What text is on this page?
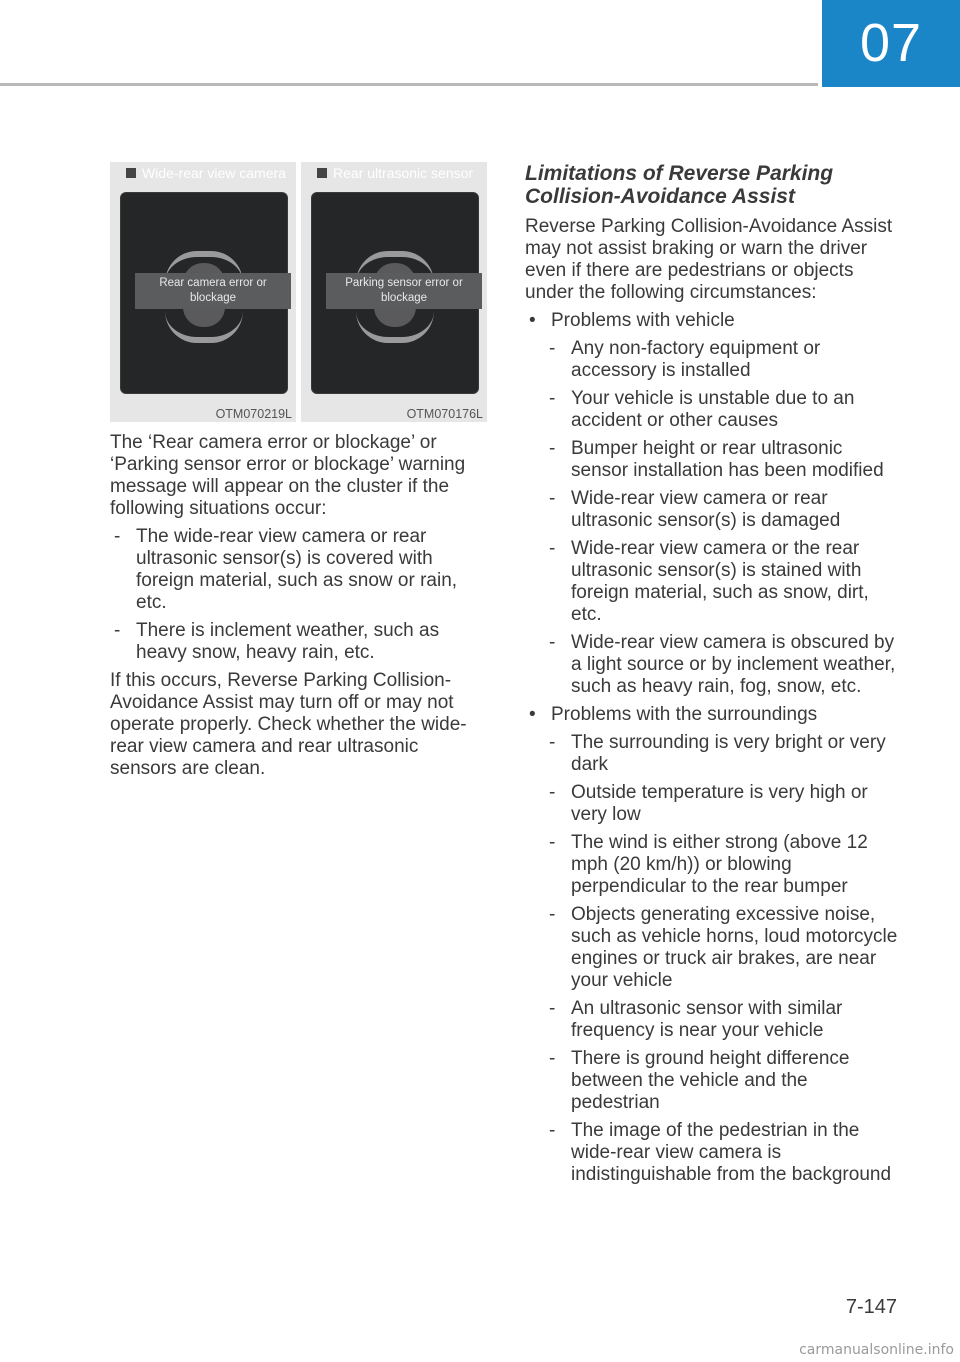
07
Rear camera error or blockage
Wide-rear view camera
OTM070219L
Parking sensor error or blockage
Rear ultrasonic sensor
OTM070176L

The ‘Rear camera error or blockage’ or ‘Parking sensor error or blockage’ warning message will appear on the cluster if the following situations occur:

- The wide-rear view camera or rear ultrasonic sensor(s) is covered with foreign material, such as snow or rain, etc.
- There is inclement weather, such as heavy snow, heavy rain, etc.

If this occurs, Reverse Parking Collision-Avoidance Assist may turn off or may not operate properly. Check whether the wide-rear view camera and rear ultrasonic sensors are clean.

Limitations of Reverse Parking Collision-Avoidance Assist

Reverse Parking Collision-Avoidance Assist may not assist braking or warn the driver even if there are pedestrians or objects under the following circumstances:

• Problems with vehicle
- Any non-factory equipment or accessory is installed
- Your vehicle is unstable due to an accident or other causes
- Bumper height or rear ultrasonic sensor installation has been modified
- Wide-rear view camera or rear ultrasonic sensor(s) is damaged
- Wide-rear view camera or the rear ultrasonic sensor(s) is stained with foreign material, such as snow, dirt, etc.
- Wide-rear view camera is obscured by a light source or by inclement weather, such as heavy rain, fog, snow, etc.
• Problems with the surroundings
- The surrounding is very bright or very dark
- Outside temperature is very high or very low
- The wind is either strong (above 12 mph (20 km/h)) or blowing perpendicular to the rear bumper
- Objects generating excessive noise, such as vehicle horns, loud motorcycle engines or truck air brakes, are near your vehicle
- An ultrasonic sensor with similar frequency is near your vehicle
- There is ground height difference between the vehicle and the pedestrian
- The image of the pedestrian in the wide-rear view camera is indistinguishable from the background
7-147
carmanualsonline.info
